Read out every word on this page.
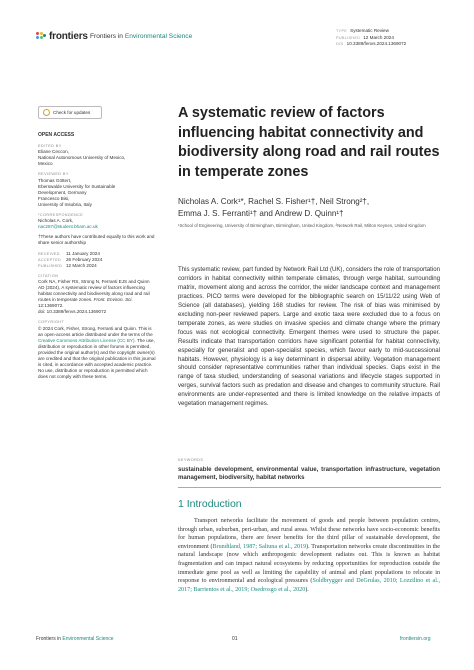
frontiers Frontiers in Environmental Science
TYPE Systematic Review
PUBLISHED 12 March 2024
DOI 10.3389/fenvs.2024.1369072
Check for updates
OPEN ACCESS
EDITED BY
Eliane Ceccon,
National Autonomous University of Mexico,
Mexico
REVIEWED BY
Thomas Göttert,
Eberswalde University for Sustainable
Development, Germany
Francesco Bisi,
University of Insubria, Italy
*CORRESPONDENCE
Nicholas A. Cork,
nac287@student.bham.ac.uk
†These authors have contributed equally to this work and share senior authorship
RECEIVED	11 January 2024
ACCEPTED	26 February 2024
PUBLISHED 12 March 2024
CITATION
Cork NA, Fisher RS, Strong N, Ferranti EJS and Quinn AD (2024), A systematic review of factors influencing habitat connectivity and biodiversity along road and rail routes in temperate zones. Front. Environ. Sci. 12:1369072.
doi: 10.3389/fenvs.2024.1369072
COPYRIGHT
© 2024 Cork, Fisher, Strong, Ferranti and Quinn. This is an open-access article distributed under the terms of the Creative Commons Attribution License (CC BY). The use, distribution or reproduction in other forums is permitted, provided the original author(s) and the copyright owner(s) are credited and that the original publication in this journal is cited, in accordance with accepted academic practice. No use, distribution or reproduction is permitted which does not comply with these terms.
A systematic review of factors influencing habitat connectivity and biodiversity along road and rail routes in temperate zones
Nicholas A. Cork¹*, Rachel S. Fisher¹†, Neil Strong²†,
Emma J. S. Ferranti¹† and Andrew D. Quinn¹†
¹School of Engineering, University of Birmingham, Birmingham, United Kingdom, ²Network Rail, Milton Keynes, United Kingdom
This systematic review, part funded by Network Rail Ltd (UK), considers the role of transportation corridors in habitat connectivity within temperate climates, through verge habitat, surrounding matrix, movement along and across the corridor, the wider landscape context and management practices. PICO terms were developed for the bibliographic search on 15/11/22 using Web of Science (all databases), yielding 168 studies for review. The risk of bias was minimised by excluding non-peer reviewed papers. Large and exotic taxa were excluded due to a focus on temperate zones, as were studies on invasive species and climate change where the primary focus was not ecological connectivity. Emergent themes were used to structure the paper. Results indicate that transportation corridors have significant potential for habitat connectivity, especially for generalist and open-specialist species, which favour early to mid-successional habitats. However, physiology is a key determinant in dispersal ability. Vegetation management should consider representative communities rather than individual species. Gaps exist in the range of taxa studied, understanding of seasonal variations and lifecycle stages supported in verges, survival factors such as predation and disease and changes to community structure. Rail environments are under-represented and there is limited knowledge on the relative impacts of vegetation management regimes.
KEYWORDS
sustainable development, environmental value, transportation infrastructure, vegetation management, biodiversity, habitat networks
1 Introduction
Transport networks facilitate the movement of goods and people between population centres, through urban, suburban, peri-urban, and rural areas. Whilst these networks have socio-economic benefits for human populations, there are fewer benefits for the third pillar of sustainable development, the environment (Brundtland, 1987; Saltuna et al., 2019). Transportation networks create discontinuities in the natural landscape (now which anthropogenic development radiates out. This is known as habitat fragmentation and can impact natural ecosystems by reducing opportunities for reproduction outside the immediate gene pool as well as limiting the capability of animal and plant populations to relocate in response to environmental and ecological pressures (Soldbrygger and DeGrulas, 2010; Lozzilino et al., 2017; Barrientos et al., 2019; Osedrosgo et al., 2020).
Frontiers in Environmental Science	01	frontiersin.org
